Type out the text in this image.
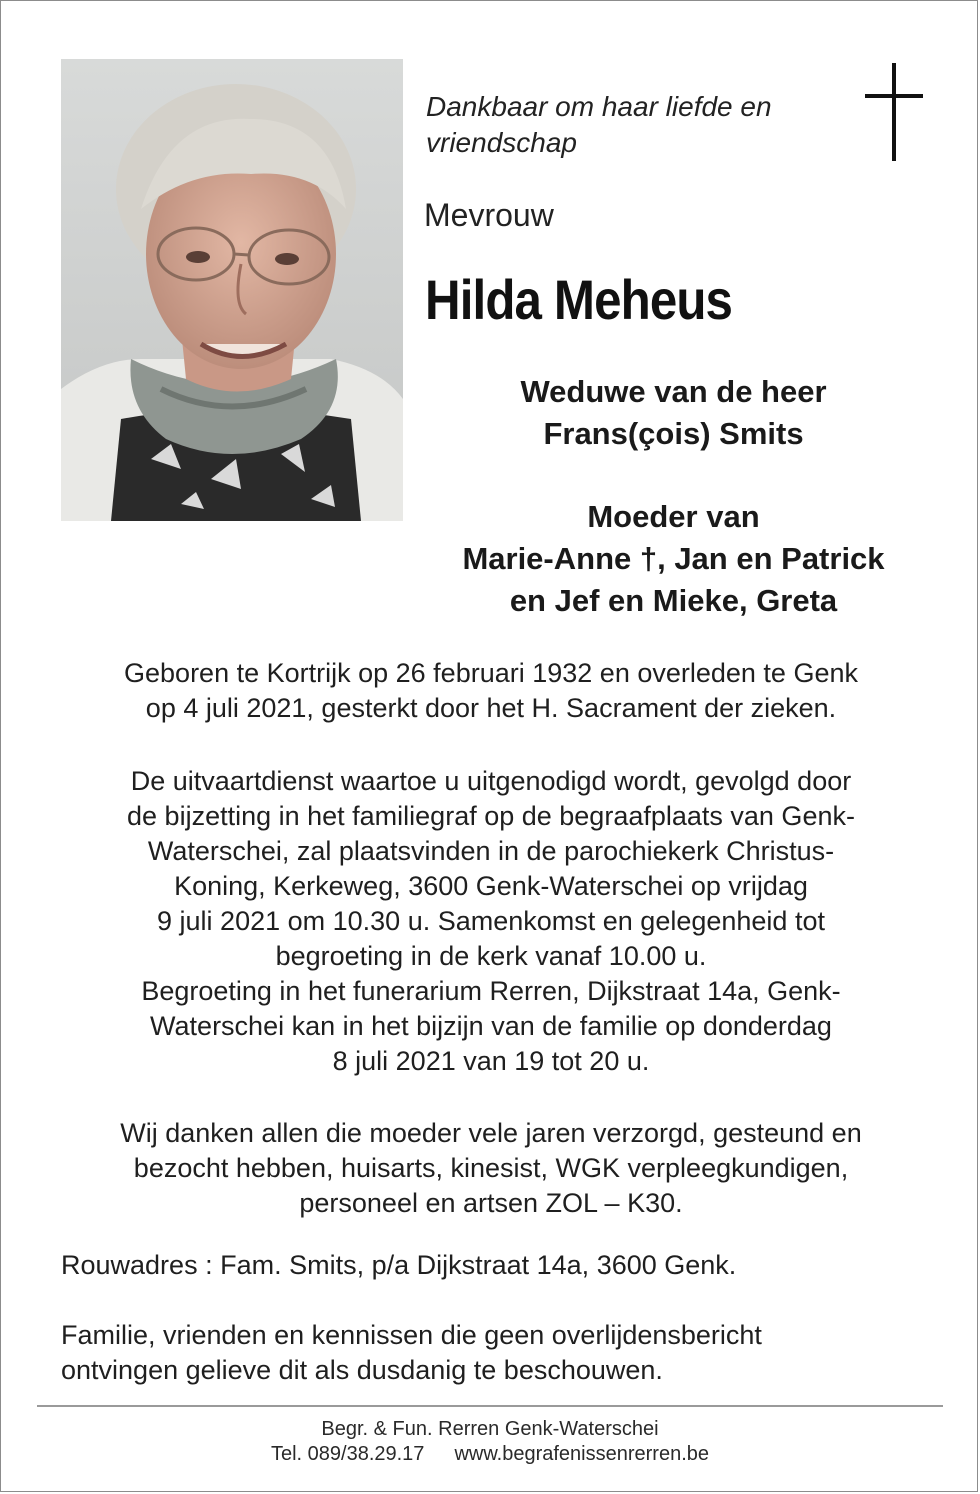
Dankbaar om haar liefde en
vriendschap
Mevrouw
Hilda Meheus
Weduwe van de heer
Frans(çois) Smits
Moeder van
Marie-Anne †, Jan en Patrick
en Jef en Mieke, Greta
Geboren te Kortrijk op 26 februari 1932 en overleden te Genk
op 4 juli 2021, gesterkt door het H. Sacrament der zieken.
De uitvaartdienst waartoe u uitgenodigd wordt, gevolgd door
de bijzetting in het familiegraf op de begraafplaats van Genk-
Waterschei, zal plaatsvinden in de parochiekerk Christus-
Koning, Kerkeweg, 3600 Genk-Waterschei op vrijdag
9 juli 2021 om 10.30 u. Samenkomst en gelegenheid tot
begroeting in de kerk vanaf 10.00 u.
Begroeting in het funerarium Rerren, Dijkstraat 14a, Genk-
Waterschei kan in het bijzijn van de familie op donderdag
8 juli 2021 van 19 tot 20 u.
Wij danken allen die moeder vele jaren verzorgd, gesteund en
bezocht hebben, huisarts, kinesist, WGK verpleegkundigen,
personeel en artsen ZOL – K30.
Rouwadres : Fam. Smits, p/a Dijkstraat 14a, 3600 Genk.
Familie, vrienden en kennissen die geen overlijdensbericht
ontvingen gelieve dit als dusdanig te beschouwen.
Begr. & Fun. Rerren Genk-Waterschei
Tel. 089/38.29.17 www.begrafenissenrerren.be
